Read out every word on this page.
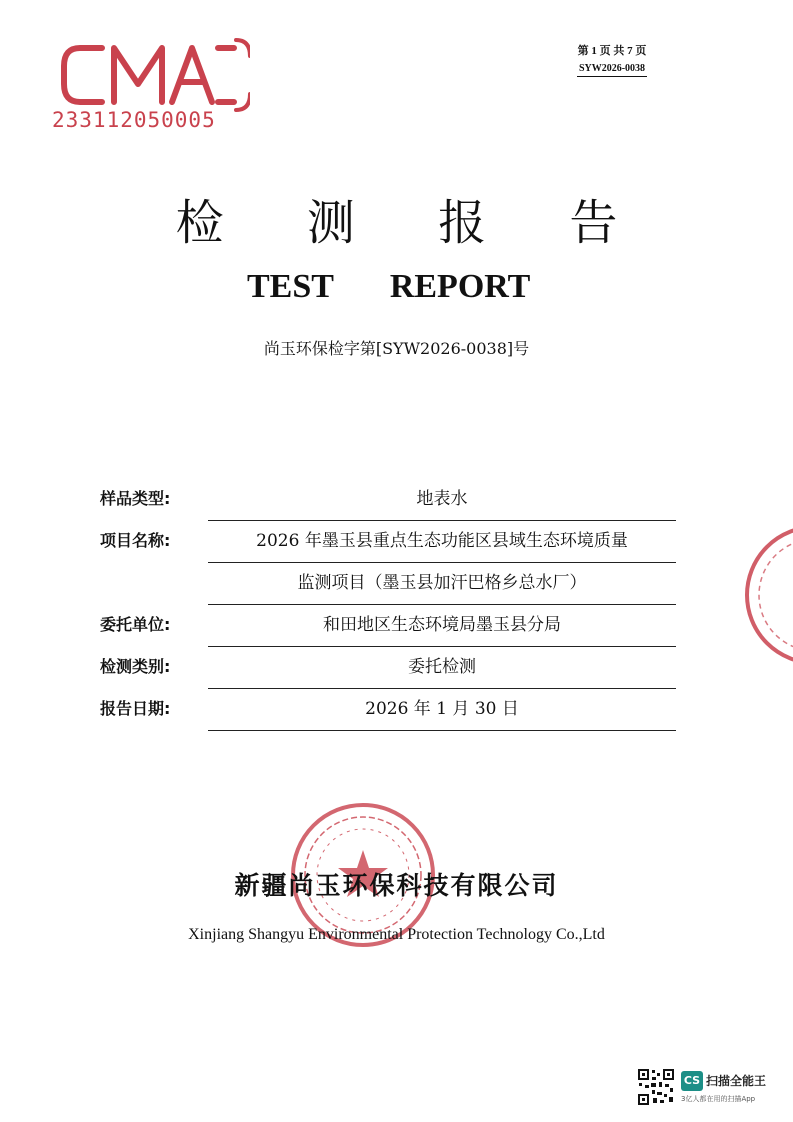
233112050005
第 1 页 共 7 页
SYW2026-0038
检 测 报 告
TEST REPORT
尚玉环保检字第[SYW2026-0038]号
样品类型:	地表水
项目名称:	2026 年墨玉县重点生态功能区县域生态环境质量
监测项目（墨玉县加汗巴格乡总水厂）
委托单位:	和田地区生态环境局墨玉县分局
检测类别:	委托检测
报告日期:	2026 年 1 月 30 日
新疆尚玉环保科技有限公司
Xinjiang Shangyu Environmental Protection Technology Co.,Ltd
CS 扫描全能王
3亿人都在用的扫描App
